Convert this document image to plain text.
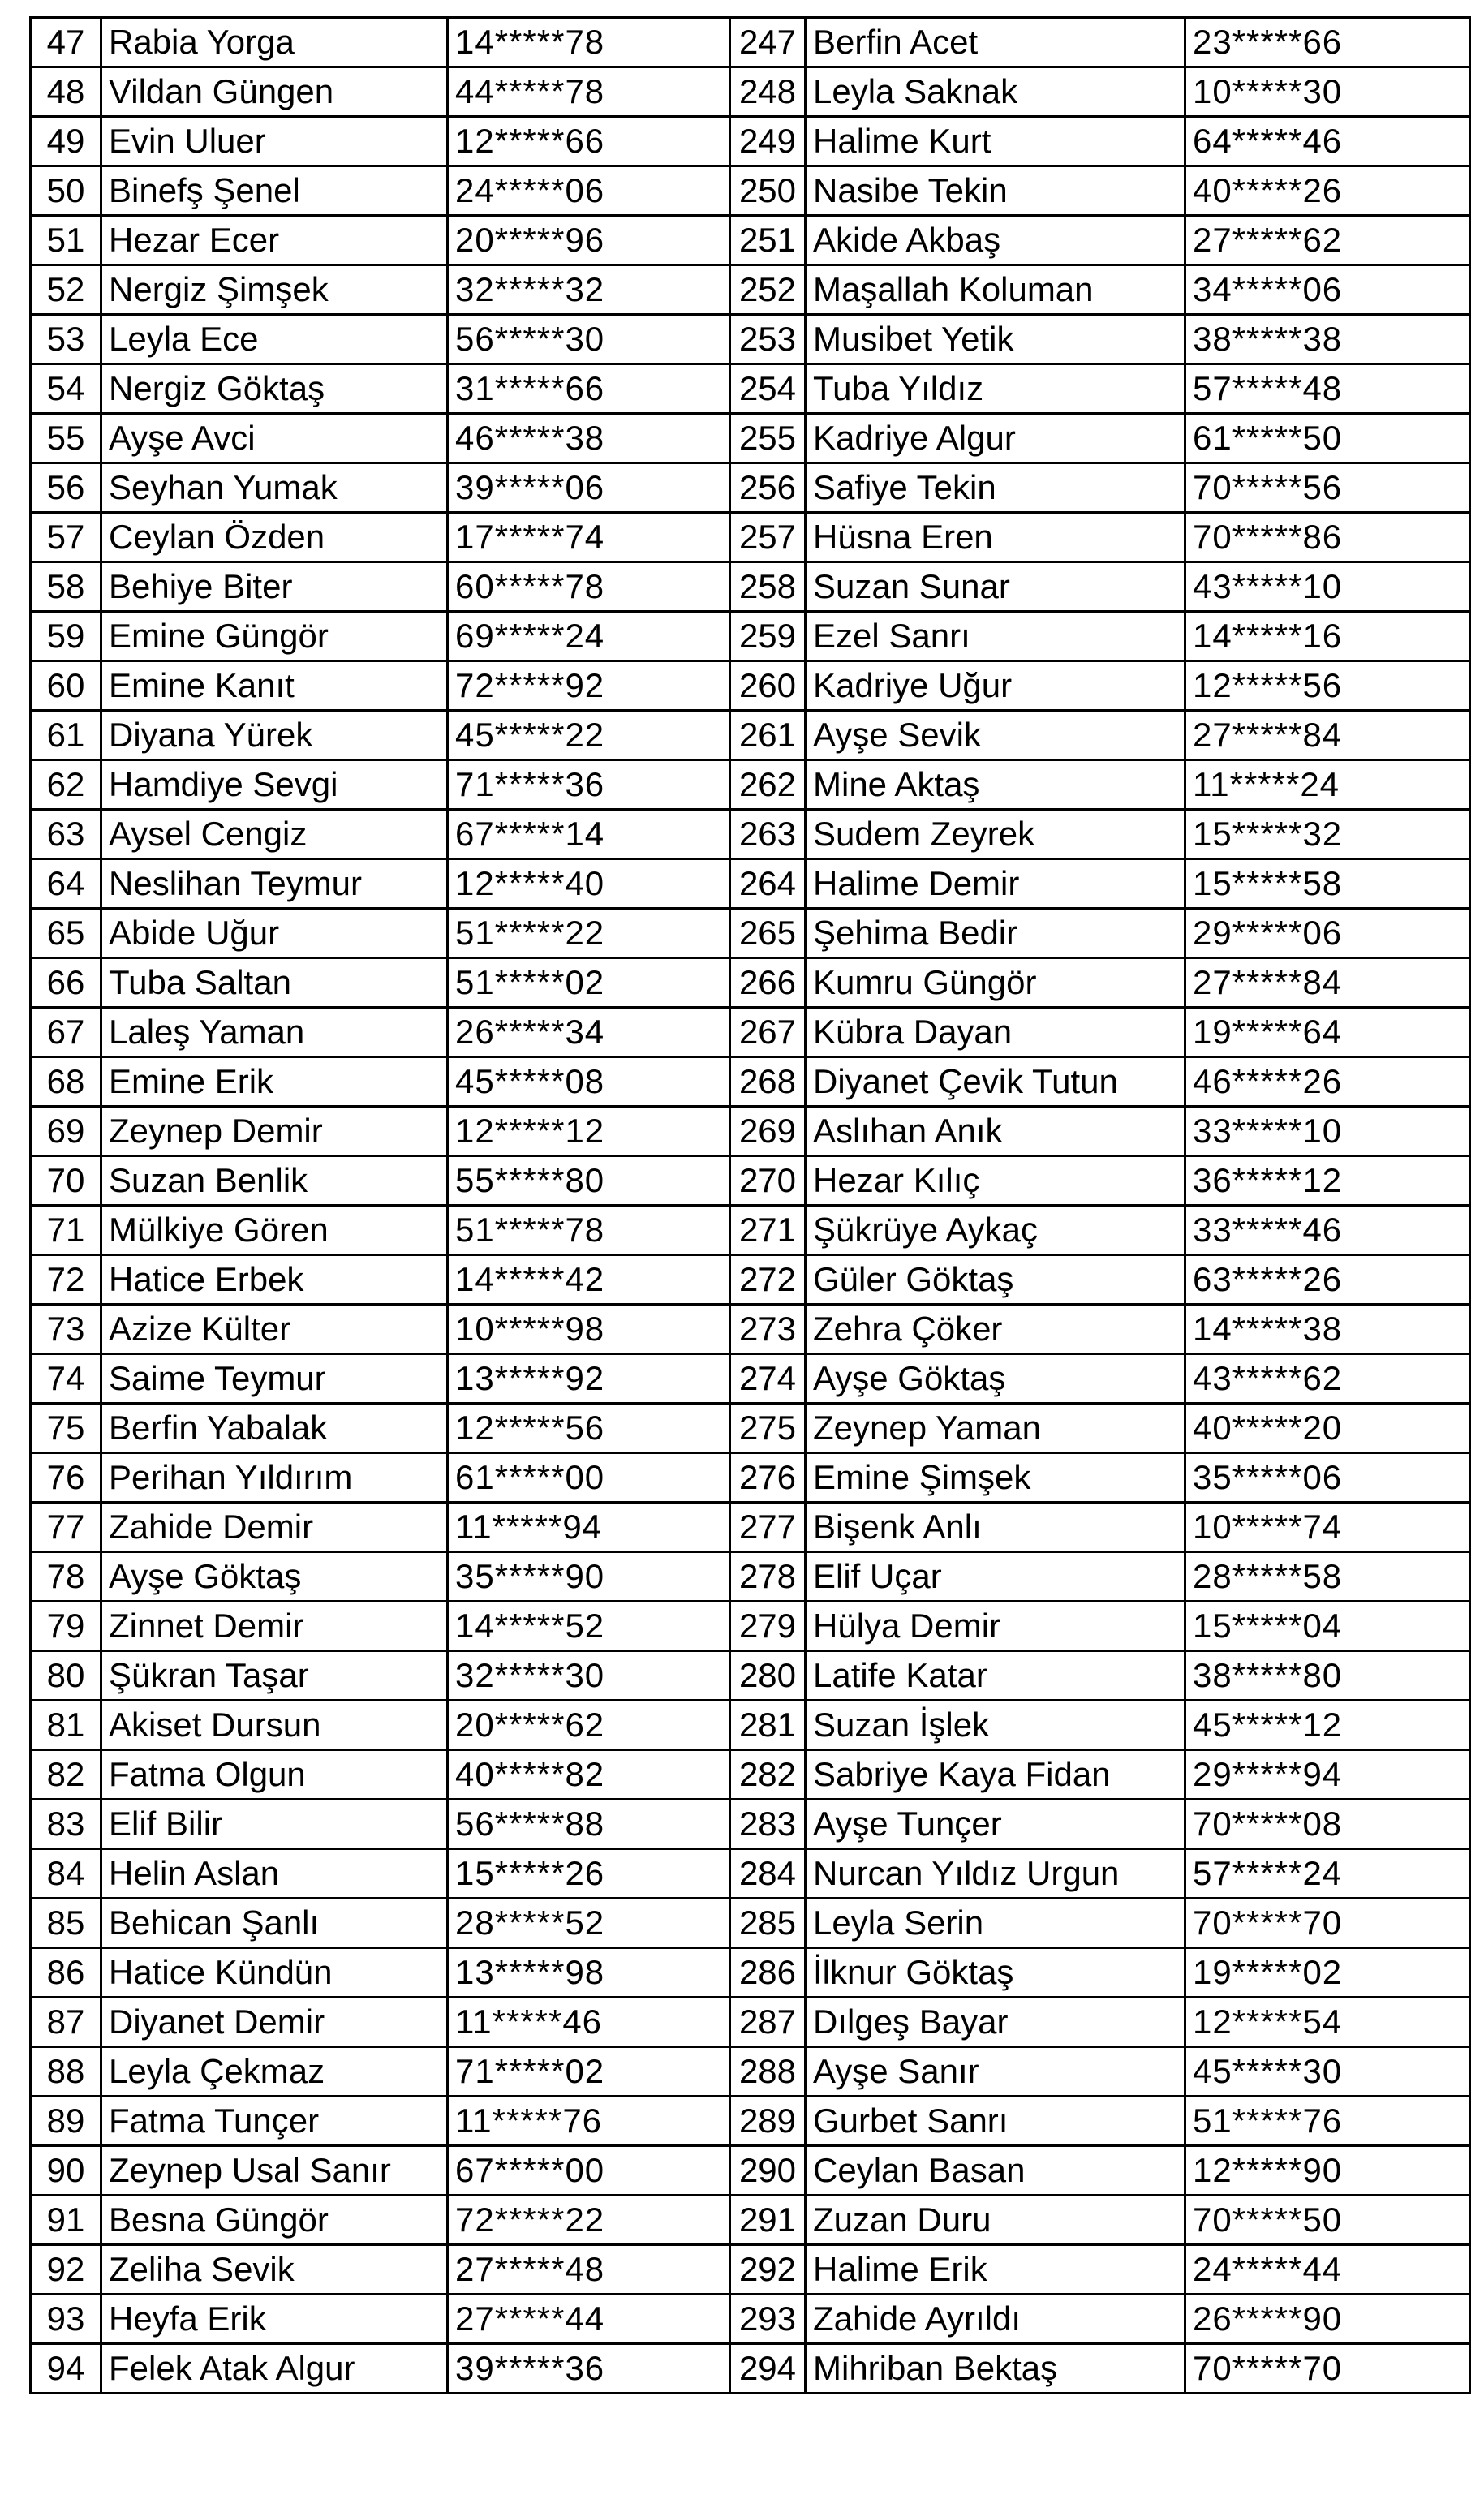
47	Rabia Yorga	14*****78	247	Berfin Acet	23*****66
48	Vildan Güngen	44*****78	248	Leyla Saknak	10*****30
49	Evin Uluer	12*****66	249	Halime Kurt	64*****46
50	Binefş Şenel	24*****06	250	Nasibe Tekin	40*****26
51	Hezar Ecer	20*****96	251	Akide Akbaş	27*****62
52	Nergiz Şimşek	32*****32	252	Maşallah Koluman	34*****06
53	Leyla Ece	56*****30	253	Musibet Yetik	38*****38
54	Nergiz Göktaş	31*****66	254	Tuba Yıldız	57*****48
55	Ayşe Avci	46*****38	255	Kadriye Algur	61*****50
56	Seyhan Yumak	39*****06	256	Safiye Tekin	70*****56
57	Ceylan Özden	17*****74	257	Hüsna Eren	70*****86
58	Behiye Biter	60*****78	258	Suzan Sunar	43*****10
59	Emine Güngör	69*****24	259	Ezel Sanrı	14*****16
60	Emine Kanıt	72*****92	260	Kadriye Uğur	12*****56
61	Diyana Yürek	45*****22	261	Ayşe Sevik	27*****84
62	Hamdiye Sevgi	71*****36	262	Mine Aktaş	11*****24
63	Aysel Cengiz	67*****14	263	Sudem Zeyrek	15*****32
64	Neslihan Teymur	12*****40	264	Halime Demir	15*****58
65	Abide Uğur	51*****22	265	Şehima Bedir	29*****06
66	Tuba Saltan	51*****02	266	Kumru Güngör	27*****84
67	Laleş Yaman	26*****34	267	Kübra Dayan	19*****64
68	Emine Erik	45*****08	268	Diyanet Çevik Tutun	46*****26
69	Zeynep Demir	12*****12	269	Aslıhan Anık	33*****10
70	Suzan Benlik	55*****80	270	Hezar Kılıç	36*****12
71	Mülkiye Gören	51*****78	271	Şükrüye Aykaç	33*****46
72	Hatice Erbek	14*****42	272	Güler Göktaş	63*****26
73	Azize Külter	10*****98	273	Zehra Çöker	14*****38
74	Saime Teymur	13*****92	274	Ayşe Göktaş	43*****62
75	Berfin Yabalak	12*****56	275	Zeynep Yaman	40*****20
76	Perihan Yıldırım	61*****00	276	Emine Şimşek	35*****06
77	Zahide Demir	11*****94	277	Bişenk Anlı	10*****74
78	Ayşe Göktaş	35*****90	278	Elif Uçar	28*****58
79	Zinnet Demir	14*****52	279	Hülya Demir	15*****04
80	Şükran Taşar	32*****30	280	Latife Katar	38*****80
81	Akiset Dursun	20*****62	281	Suzan İşlek	45*****12
82	Fatma Olgun	40*****82	282	Sabriye Kaya Fidan	29*****94
83	Elif Bilir	56*****88	283	Ayşe Tunçer	70*****08
84	Helin Aslan	15*****26	284	Nurcan Yıldız Urgun	57*****24
85	Behican Şanlı	28*****52	285	Leyla Serin	70*****70
86	Hatice Kündün	13*****98	286	İlknur Göktaş	19*****02
87	Diyanet Demir	11*****46	287	Dılgeş Bayar	12*****54
88	Leyla Çekmaz	71*****02	288	Ayşe Sanır	45*****30
89	Fatma Tunçer	11*****76	289	Gurbet Sanrı	51*****76
90	Zeynep Usal Sanır	67*****00	290	Ceylan Basan	12*****90
91	Besna Güngör	72*****22	291	Zuzan Duru	70*****50
92	Zeliha Sevik	27*****48	292	Halime Erik	24*****44
93	Heyfa Erik	27*****44	293	Zahide Ayrıldı	26*****90
94	Felek Atak Algur	39*****36	294	Mihriban Bektaş	70*****70
